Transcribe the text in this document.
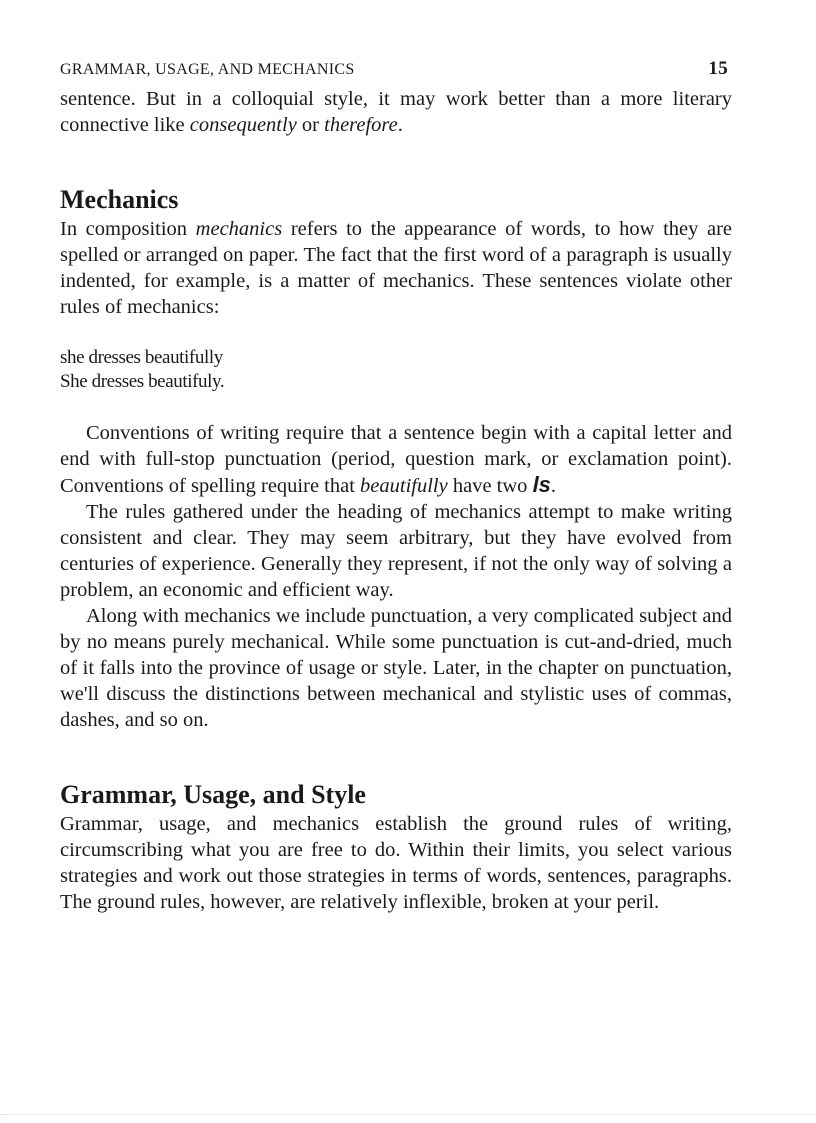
GRAMMAR, USAGE, AND MECHANICS	15

sentence. But in a colloquial style, it may work better than a more literary connective like consequently or therefore.

Mechanics

In composition mechanics refers to the appearance of words, to how they are spelled or arranged on paper. The fact that the first word of a paragraph is usually indented, for example, is a matter of mechanics. These sentences violate other rules of mechanics:

she dresses beautifully
She dresses beautifuly.

Conventions of writing require that a sentence begin with a capital letter and end with full-stop punctuation (period, question mark, or exclamation point). Conventions of spelling require that beautifully have two ls.

The rules gathered under the heading of mechanics attempt to make writing consistent and clear. They may seem arbitrary, but they have evolved from centuries of experience. Generally they represent, if not the only way of solving a problem, an economic and efficient way.

Along with mechanics we include punctuation, a very complicated subject and by no means purely mechanical. While some punctuation is cut-and-dried, much of it falls into the province of usage or style. Later, in the chapter on punctuation, we'll discuss the distinctions between mechanical and stylistic uses of commas, dashes, and so on.

Grammar, Usage, and Style

Grammar, usage, and mechanics establish the ground rules of writing, circumscribing what you are free to do. Within their limits, you select various strategies and work out those strategies in terms of words, sentences, paragraphs. The ground rules, however, are relatively inflexible, broken at your peril.
